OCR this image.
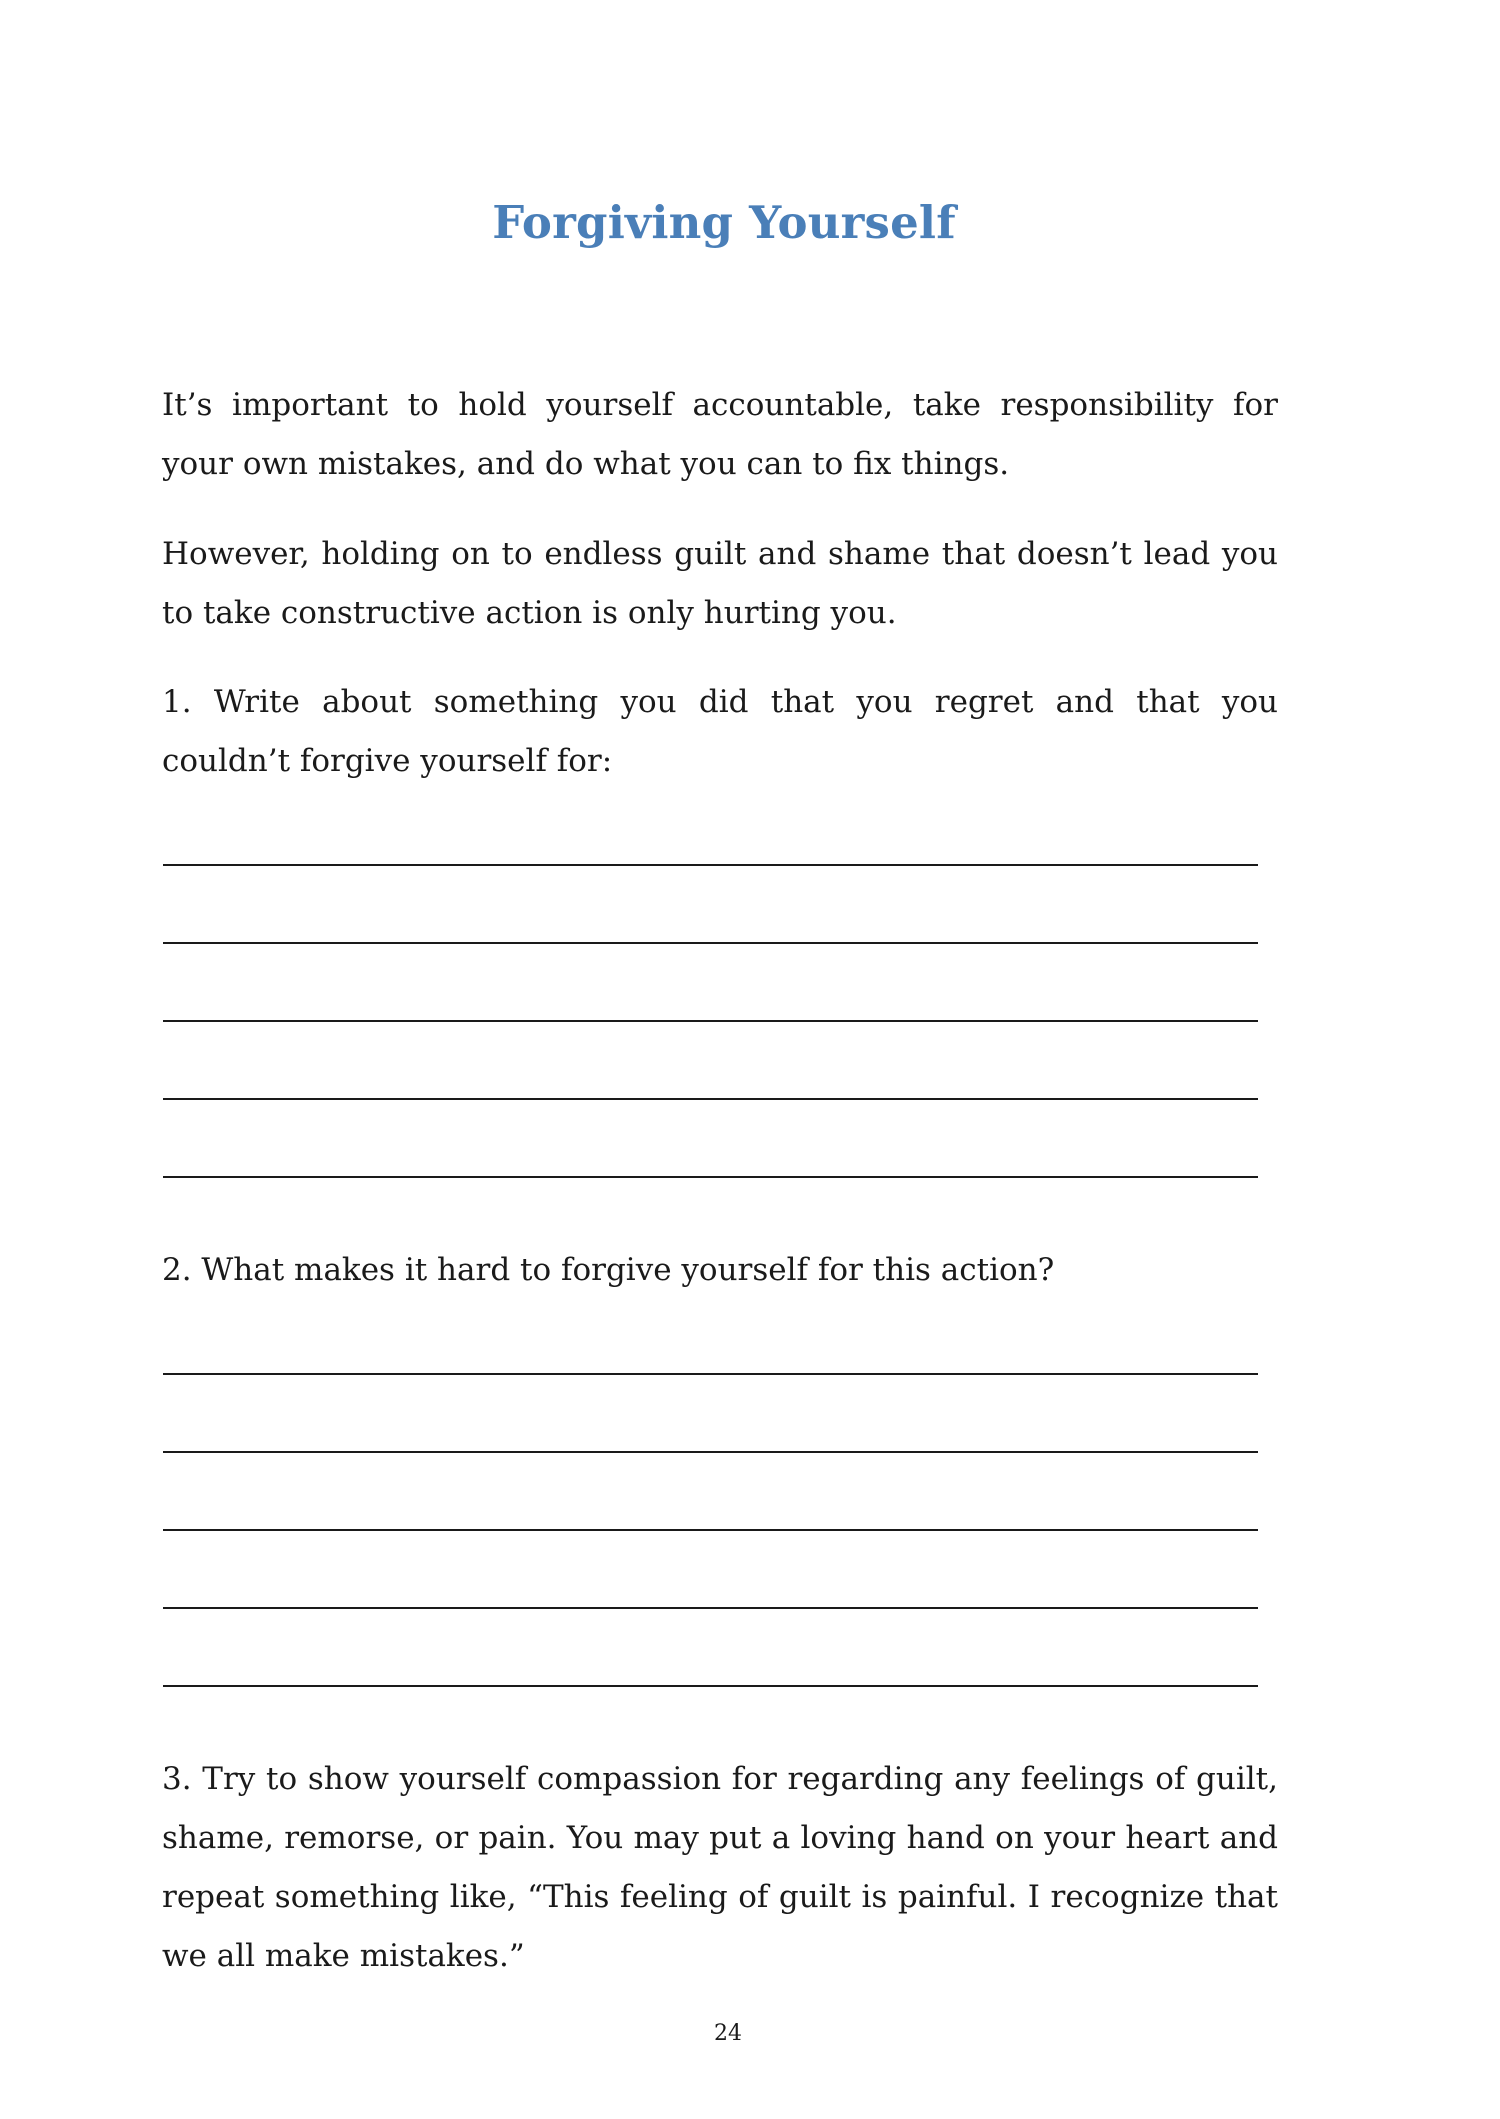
Forgiving Yourself

It’s important to hold yourself accountable, take responsibility for your own mistakes, and do what you can to fix things.

However, holding on to endless guilt and shame that doesn’t lead you to take constructive action is only hurting you.

1. Write about something you did that you regret and that you couldn’t forgive yourself for:

2. What makes it hard to forgive yourself for this action?

3. Try to show yourself compassion for regarding any feelings of guilt, shame, remorse, or pain. You may put a loving hand on your heart and repeat something like, “This feeling of guilt is painful. I recognize that we all make mistakes.”

24
